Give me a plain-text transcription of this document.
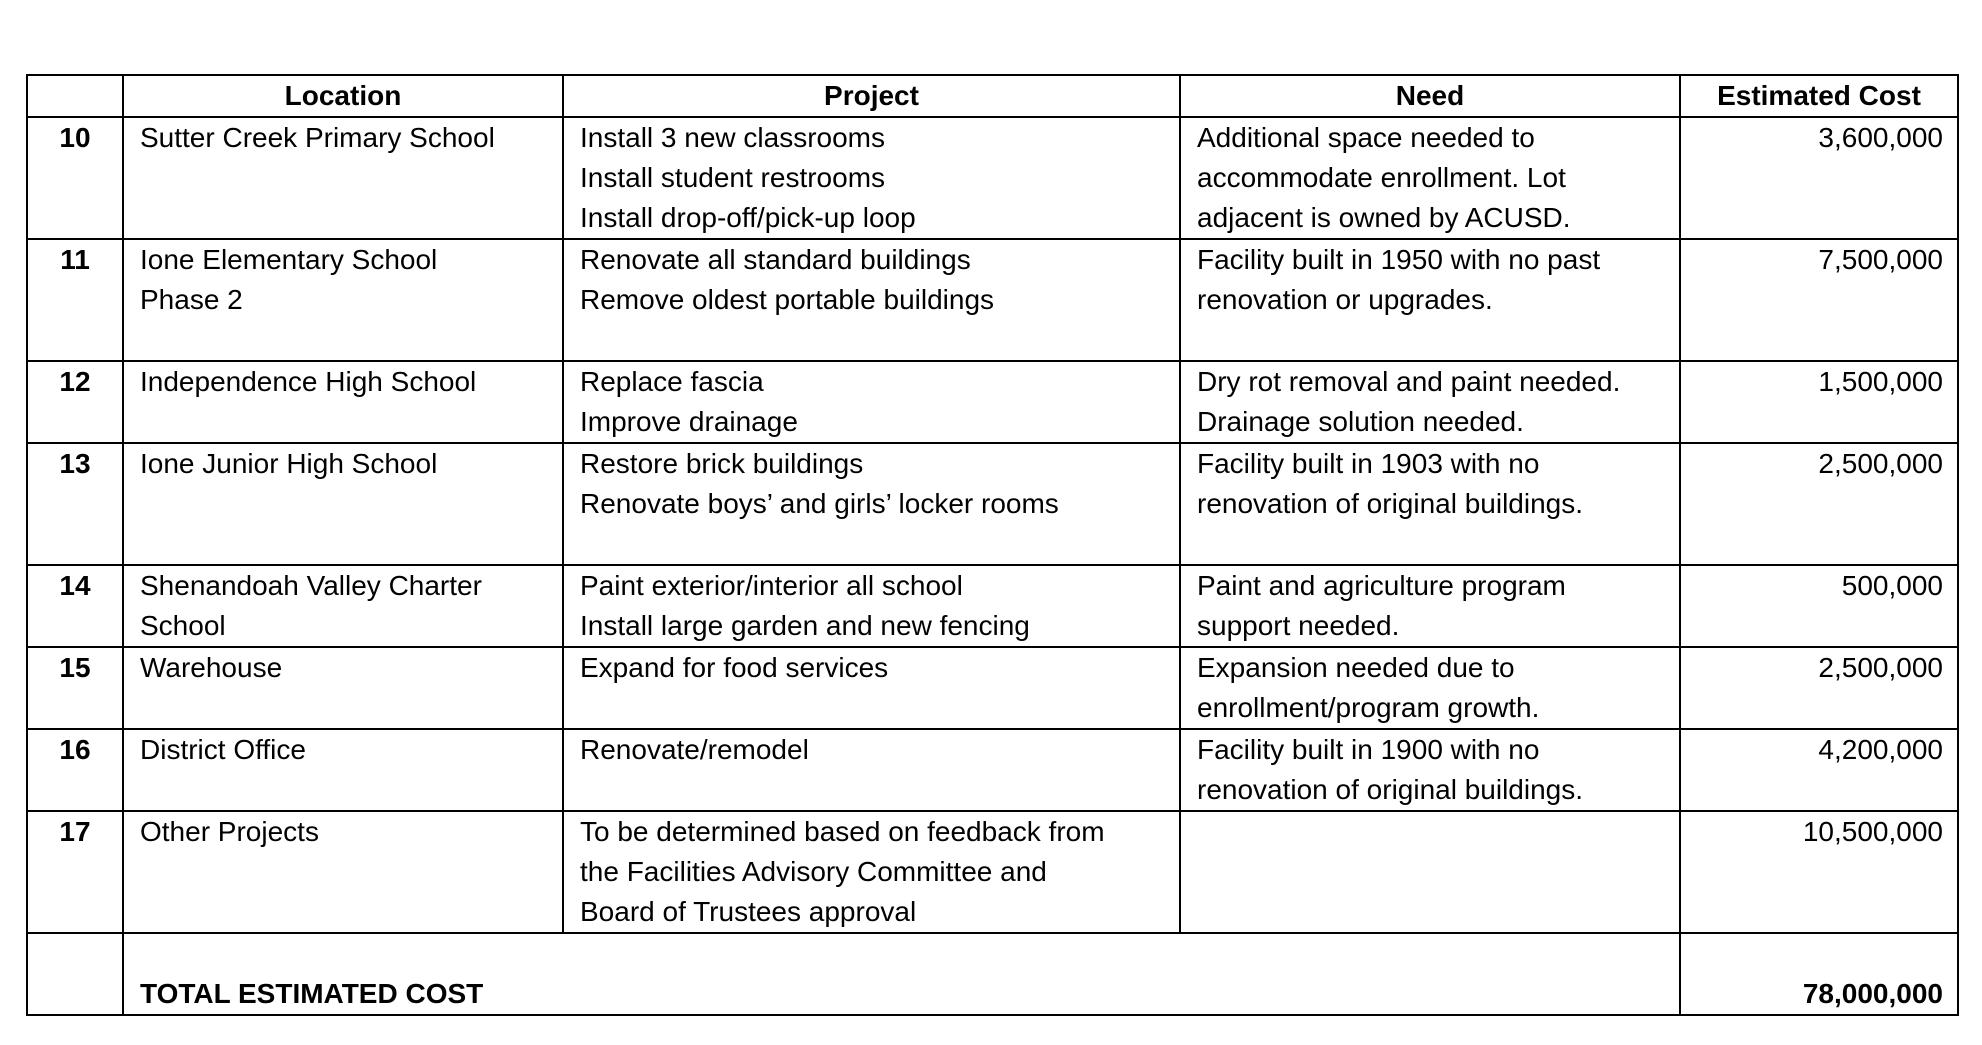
	Location	Project	Need	Estimated Cost

10	Sutter Creek Primary School	Install 3 new classrooms
Install student restrooms
Install drop-off/pick-up loop	Additional space needed to
accommodate enrollment. Lot
adjacent is owned by ACUSD.	3,600,000

11	Ione Elementary School
Phase 2	Renovate all standard buildings
Remove oldest portable buildings	Facility built in 1950 with no past
renovation or upgrades.	7,500,000

12	Independence High School	Replace fascia
Improve drainage	Dry rot removal and paint needed.
Drainage solution needed.	1,500,000

13	Ione Junior High School	Restore brick buildings
Renovate boys’ and girls’ locker rooms	Facility built in 1903 with no
renovation of original buildings.	2,500,000

14	Shenandoah Valley Charter
School	Paint exterior/interior all school
Install large garden and new fencing	Paint and agriculture program
support needed.	500,000

15	Warehouse	Expand for food services	Expansion needed due to
enrollment/program growth.	2,500,000

16	District Office	Renovate/remodel	Facility built in 1900 with no
renovation of original buildings.	4,200,000

17	Other Projects	To be determined based on feedback from
the Facilities Advisory Committee and
Board of Trustees approval		10,500,000

	TOTAL ESTIMATED COST			78,000,000
